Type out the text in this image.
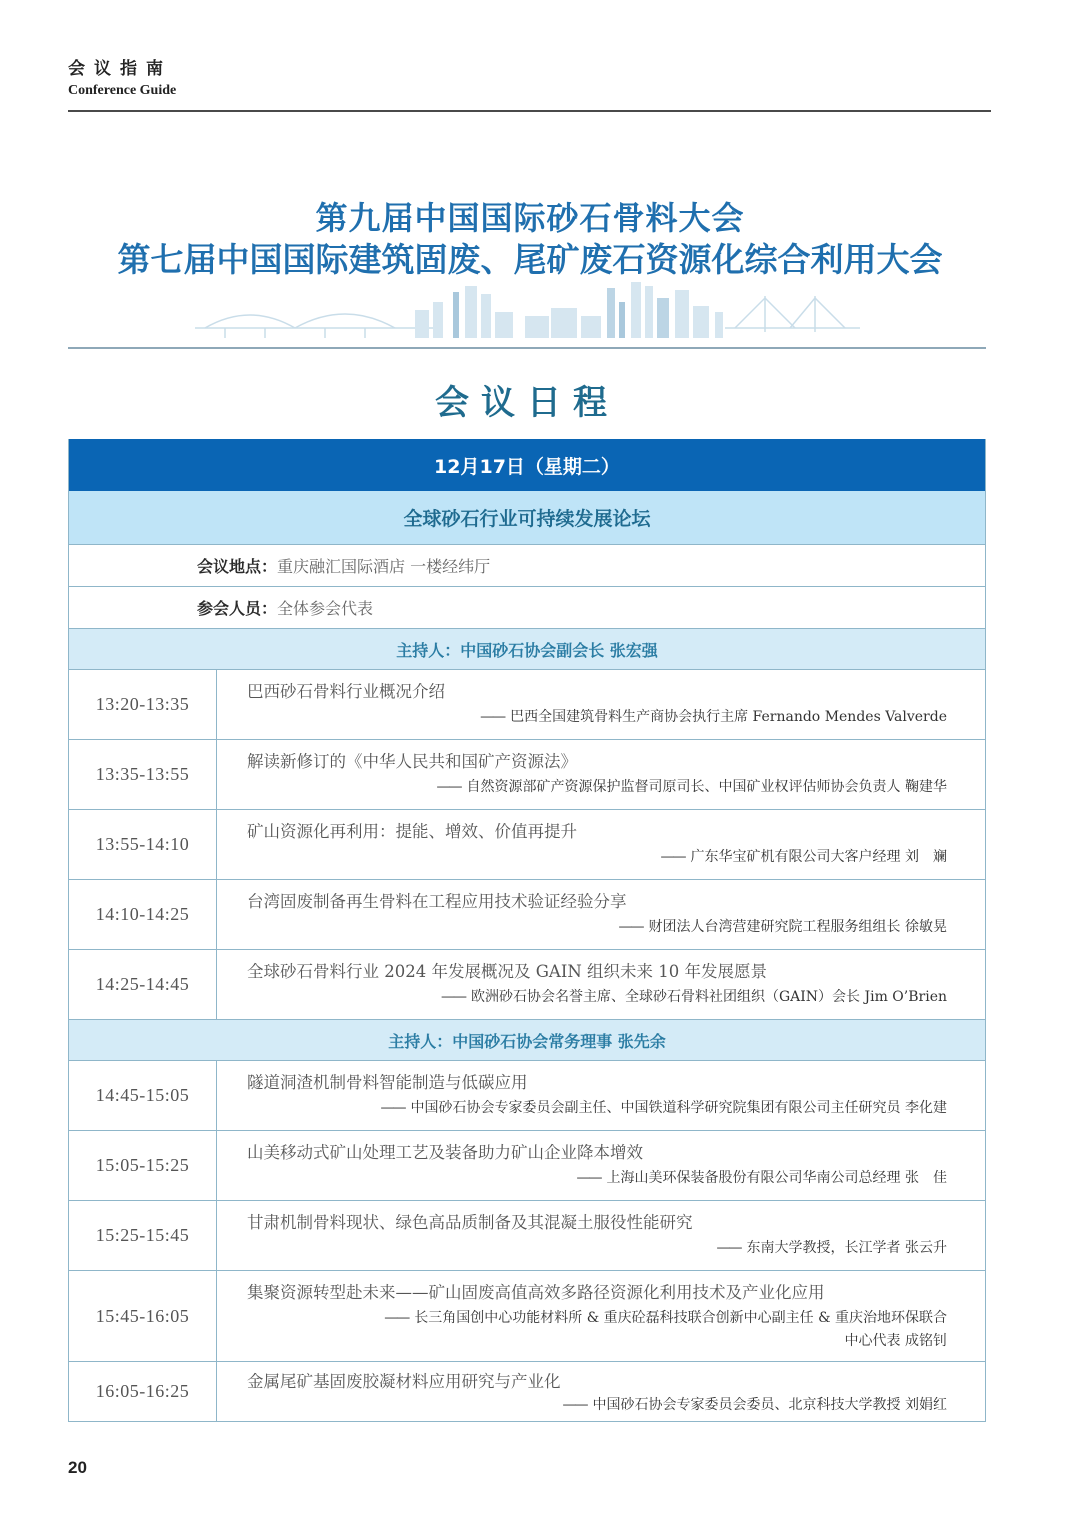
会议指南
Conference Guide
第九届中国国际砂石骨料大会
第七届中国国际建筑固废、尾矿废石资源化综合利用大会
会议日程
12月17日（星期二）
全球砂石行业可持续发展论坛
会议地点： 重庆融汇国际酒店 一楼经纬厅
参会人员： 全体参会代表
主持人：中国砂石协会副会长 张宏强
13:20-13:35
巴西砂石骨料行业概况介绍
—— 巴西全国建筑骨料生产商协会执行主席 Fernando Mendes Valverde
13:35-13:55
解读新修订的《中华人民共和国矿产资源法》
—— 自然资源部矿产资源保护监督司原司长、中国矿业权评估师协会负责人 鞠建华
13:55-14:10
矿山资源化再利用：提能、增效、价值再提升
—— 广东华宝矿机有限公司大客户经理 刘　斓
14:10-14:25
台湾固废制备再生骨料在工程应用技术验证经验分享
—— 财团法人台湾营建研究院工程服务组组长 徐敏晃
14:25-14:45
全球砂石骨料行业 2024 年发展概况及 GAIN 组织未来 10 年发展愿景
—— 欧洲砂石协会名誉主席、全球砂石骨料社团组织（GAIN）会长 Jim O’Brien
主持人：中国砂石协会常务理事 张先余
14:45-15:05
隧道洞渣机制骨料智能制造与低碳应用
—— 中国砂石协会专家委员会副主任、中国铁道科学研究院集团有限公司主任研究员 李化建
15:05-15:25
山美移动式矿山处理工艺及装备助力矿山企业降本增效
—— 上海山美环保装备股份有限公司华南公司总经理 张　佳
15:25-15:45
甘肃机制骨料现状、绿色高品质制备及其混凝土服役性能研究
—— 东南大学教授，长江学者 张云升
15:45-16:05
集聚资源转型赴未来——矿山固废高值高效多路径资源化利用技术及产业化应用
—— 长三角国创中心功能材料所 & 重庆砼磊科技联合创新中心副主任 & 重庆治地环保联合
中心代表 成铭钊
16:05-16:25	金属尾矿基固废胶凝材料应用研究与产业化
—— 中国砂石协会专家委员会委员、北京科技大学教授 刘娟红
20
